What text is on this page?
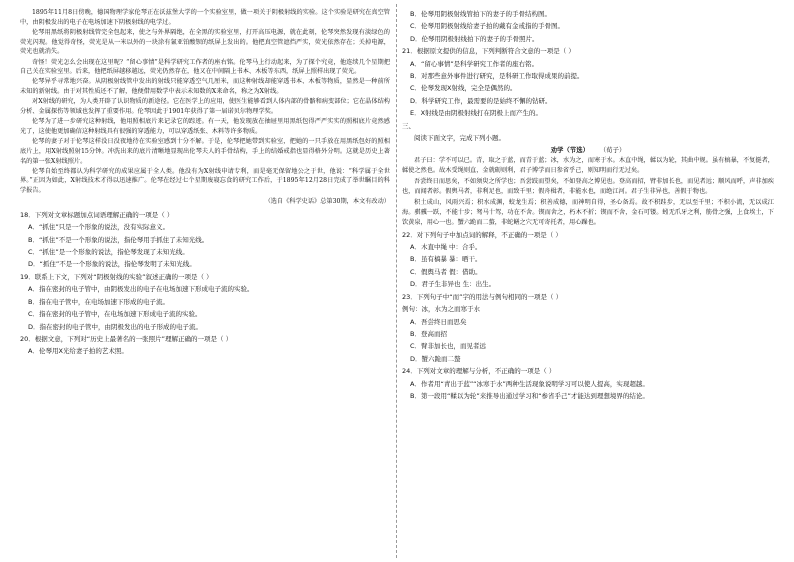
1895年11月8日傍晚，德国物理学家伦琴正在沃兹堡大学的一个实验室里，做一项关于阴极射线的实验。这个实验是研究在真空管中，由阴极发出的电子在电场加速下阴极射线的电学过。

伦琴用黑纸将阴极射线管完全包起来，使之与外界隔绝，在全黑的实验室里，打开高压电源，就在此刻，伦琴突然发现有淡绿色的荧光闪现。他觉得奇怪，荧光是从一米以外的一块涂有氰亚铂酸钡的纸屏上发出的。他把真空管遮挡严实，荧光依然存在；关掉电源，荧光也就消失。

奇怪！荧光怎么会出现在这里呢？“留心事情”是科学研究工作者的座右铭。伦琴马上行动起来，为了探个究竟，他连续几个星期把自己关在实验室里。后来，他把纸屏越移越远，荧光仍然存在，他又在中间隔上书本、木板等东西，纸屏上照样出现了荧光。

伦琴异乎寻常地兴奋。从阴极射线管中发出的射线只能穿透空气几厘米，而这种射线却能穿透书本、木板等物质，显然是一种前所未知的新射线。由于对其性质还不了解，他便借用数学中表示未知数的X来命名，称之为X射线。

对X射线的研究，为人类开辟了认识物质的新途径。它在医学上的应用，使医生能够看到人体内部的骨骼和病变部位；它在晶体结构分析、金属探伤等领域也发挥了重要作用。伦琴因此于1901年获得了第一届诺贝尔物理学奖。

伦琴为了进一步研究这种射线，他用照相底片来记录它的踪迹。有一天，他发现放在抽屉里用黑纸包得严严实实的照相底片竟然感光了，这使他更加确信这种射线具有很强的穿透能力，可以穿透纸张、木料等许多物质。

伦琴的妻子对于伦琴这样没日没夜地待在实验室感到十分不解。于是，伦琴把她带到实验室，把她的一只手放在用黑纸包好的照相底片上，用X射线照射15分钟。冲洗出来的底片清晰地显现出伦琴夫人的手骨结构，手上的结婚戒指也显得格外分明。这就是历史上著名的第一张X射线照片。

伦琴自始至终都认为科学研究的成果应属于全人类。他没有为X射线申请专利，而是毫无保留地公之于世，他说：“科学属于全世界。”正因为如此，X射线技术才得以迅速推广。伦琴在经过七个星期废寝忘食的研究工作后，于1895年12月28日完成了举世瞩目的科学报告。

（选自《科学史话》总第30期，本文有改动）

18．下列对文章标题加点词语理解正确的一项是（ ）

A．“抓住”只是一个形象的说法，没有实际意义。

B．“抓住”不是一个形象的说法，指伦琴用手抓住了未知光线。

C．“抓住”是一个形象的说法，指伦琴发现了未知光线。

D．“抓住”不是一个形象的说法，指伦琴发明了未知光线。

19．联系上下文，下列对“阴极射线的实验”叙述正确的一项是（ ）

A．指在密封的电子管中，由阴极发出的电子在电场加速下形成电子流的实验。

B．指在电子管中，在电场加速下形成的电子流。

C．指在密封的电子管中，在电场加速下形成电子流的实验。

D．指在密封的电子管中，由阴极发出的电子形成的电子流。

20．根据文意，下列对“历史上最著名的一张照片”理解正确的一项是（ ）

A．伦琴用X光给妻子拍的艺术照。

B．伦琴用阴极射线管拍下的妻子的手骨结构图。

C．伦琴用阴极射线给妻子拍的戴有金戒指的手骨图。

D．伦琴用阴极射线拍下的妻子的手骨照片。

21．根据原文提供的信息，下列判断符合文意的一项是（ ）

A．“留心事情”是科学研究工作者的座右铭。

B．对那些意外事件进行研究，是科研工作取得成果的前提。

C．伦琴发现X射线，完全是偶然的。

D．科学研究工作，最需要的是始终不懈的钻研。

E．X射线是由阴极射线打在阴极上而产生的。

三、

阅读下面文字，完成下列小题。

劝学（节选） （荀子）

君子曰：学不可以已。青，取之于蓝，而青于蓝；冰，水为之，而寒于水。木直中绳，輮以为轮，其曲中规。虽有槁暴，不复挺者，輮使之然也。故木受绳则直，金就砺则利，君子博学而日参省乎己，则知明而行无过矣。

吾尝终日而思矣，不如须臾之所学也；吾尝跂而望矣，不如登高之博见也。登高而招，臂非加长也，而见者远；顺风而呼，声非加疾也，而闻者彰。假舆马者，非利足也，而致千里；假舟楫者，非能水也，而绝江河。君子生非异也，善假于物也。

积土成山，风雨兴焉；积水成渊，蛟龙生焉；积善成德，而神明自得，圣心备焉。故不积跬步，无以至千里；不积小流，无以成江海。骐骥一跃，不能十步；驽马十驾，功在不舍。锲而舍之，朽木不折；锲而不舍，金石可镂。蚓无爪牙之利，筋骨之强，上食埃土，下饮黄泉，用心一也。蟹六跪而二螯，非蛇鳝之穴无可寄托者，用心躁也。

22．对下列句子中加点词的解释，不正确的一项是（ ）

A．木直中绳 中：合乎。

B．虽有槁暴 暴：晒干。

C．假舆马者 假：借助。

D．君子生非异也 生：出生。

23．下列句子中“而”字的用法与例句相同的一项是（ ）

例句：冰，水为之而寒于水

A．吾尝终日而思矣

B．登高而招

C．臂非加长也，而见者远

D．蟹六跪而二螯

24．下列对文章的理解与分析，不正确的一项是（ ）

A．作者用“青出于蓝”“冰寒于水”两种生活现象说明学习可以使人提高，实现超越。

B．第一段用“輮以为轮”来推导出通过学习和“参省乎己”才能达到理想境界的结论。
